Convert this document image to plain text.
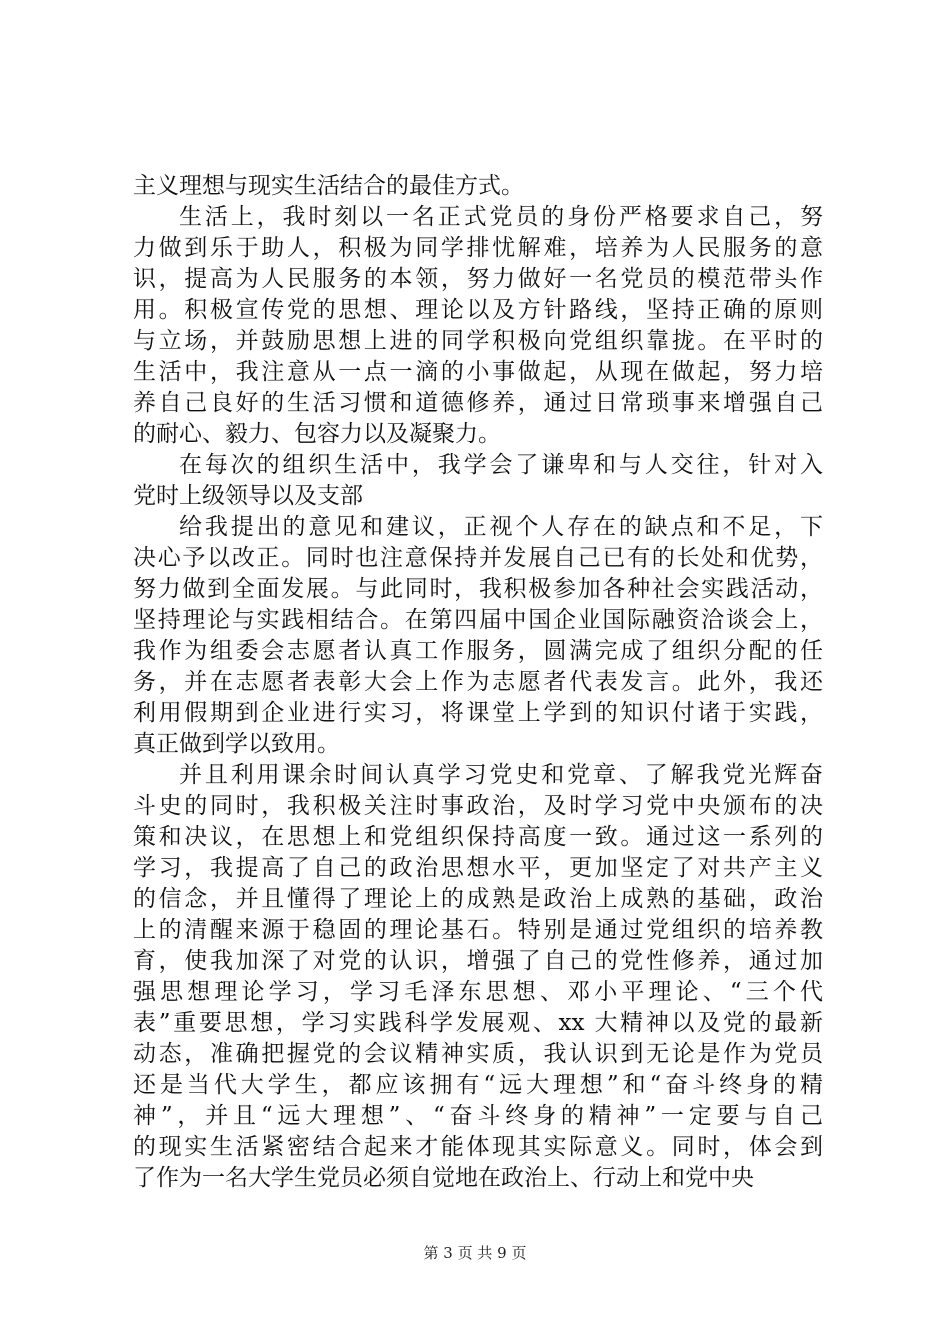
主义理想与现实生活结合的最佳方式。
生活上，我时刻以一名正式党员的身份严格要求自己，努
力做到乐于助人，积极为同学排忧解难，培养为人民服务的意
识，提高为人民服务的本领，努力做好一名党员的模范带头作
用。积极宣传党的思想、理论以及方针路线，坚持正确的原则
与立场，并鼓励思想上进的同学积极向党组织靠拢。在平时的
生活中，我注意从一点一滴的小事做起，从现在做起，努力培
养自己良好的生活习惯和道德修养，通过日常琐事来增强自己
的耐心、毅力、包容力以及凝聚力。
在每次的组织生活中，我学会了谦卑和与人交往，针对入
党时上级领导以及支部
给我提出的意见和建议，正视个人存在的缺点和不足，下
决心予以改正。同时也注意保持并发展自己已有的长处和优势，
努力做到全面发展。与此同时，我积极参加各种社会实践活动，
坚持理论与实践相结合。在第四届中国企业国际融资洽谈会上，
我作为组委会志愿者认真工作服务，圆满完成了组织分配的任
务，并在志愿者表彰大会上作为志愿者代表发言。此外，我还
利用假期到企业进行实习，将课堂上学到的知识付诸于实践，
真正做到学以致用。
并且利用课余时间认真学习党史和党章、了解我党光辉奋
斗史的同时，我积极关注时事政治，及时学习党中央颁布的决
策和决议，在思想上和党组织保持高度一致。通过这一系列的
学习，我提高了自己的政治思想水平，更加坚定了对共产主义
的信念，并且懂得了理论上的成熟是政治上成熟的基础，政治
上的清醒来源于稳固的理论基石。特别是通过党组织的培养教
育，使我加深了对党的认识，增强了自己的党性修养，通过加
强思想理论学习，学习毛泽东思想、邓小平理论、“三个代
表”重要思想，学习实践科学发展观、xx 大精神以及党的最新
动态，准确把握党的会议精神实质，我认识到无论是作为党员
还是当代大学生，都应该拥有“远大理想”和“奋斗终身的精
神”，并且“远大理想”、“奋斗终身的精神”一定要与自己
的现实生活紧密结合起来才能体现其实际意义。同时，体会到
了作为一名大学生党员必须自觉地在政治上、行动上和党中央
第 3 页 共 9 页
